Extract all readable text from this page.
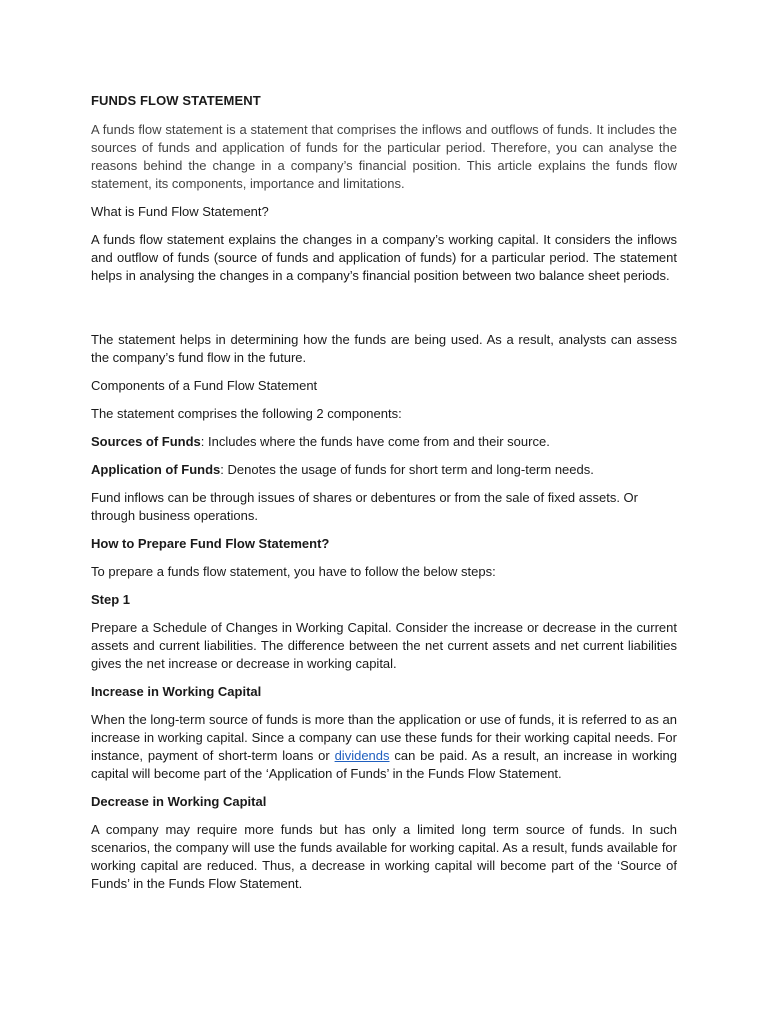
FUNDS FLOW STATEMENT

A funds flow statement is a statement that comprises the inflows and outflows of funds. It includes the sources of funds and application of funds for the particular period. Therefore, you can analyse the reasons behind the change in a company’s financial position. This article explains the funds flow statement, its components, importance and limitations.

What is Fund Flow Statement?

A funds flow statement explains the changes in a company’s working capital. It considers the inflows and outflow of funds (source of funds and application of funds) for a particular period. The statement helps in analysing the changes in a company’s financial position between two balance sheet periods.

The statement helps in determining how the funds are being used. As a result, analysts can assess the company’s fund flow in the future.

Components of a Fund Flow Statement

The statement comprises the following 2 components:

Sources of Funds: Includes where the funds have come from and their source.

Application of Funds: Denotes the usage of funds for short term and long-term needs.

Fund inflows can be through issues of shares or debentures or from the sale of fixed assets. Or through business operations.

How to Prepare Fund Flow Statement?

To prepare a funds flow statement, you have to follow the below steps:

Step 1

Prepare a Schedule of Changes in Working Capital. Consider the increase or decrease in the current assets and current liabilities. The difference between the net current assets and net current liabilities gives the net increase or decrease in working capital.

Increase in Working Capital

When the long-term source of funds is more than the application or use of funds, it is referred to as an increase in working capital. Since a company can use these funds for their working capital needs. For instance, payment of short-term loans or dividends can be paid. As a result, an increase in working capital will become part of the ‘Application of Funds’ in the Funds Flow Statement.

Decrease in Working Capital

A company may require more funds but has only a limited long term source of funds. In such scenarios, the company will use the funds available for working capital. As a result, funds available for working capital are reduced. Thus, a decrease in working capital will become part of the ‘Source of Funds’ in the Funds Flow Statement.
